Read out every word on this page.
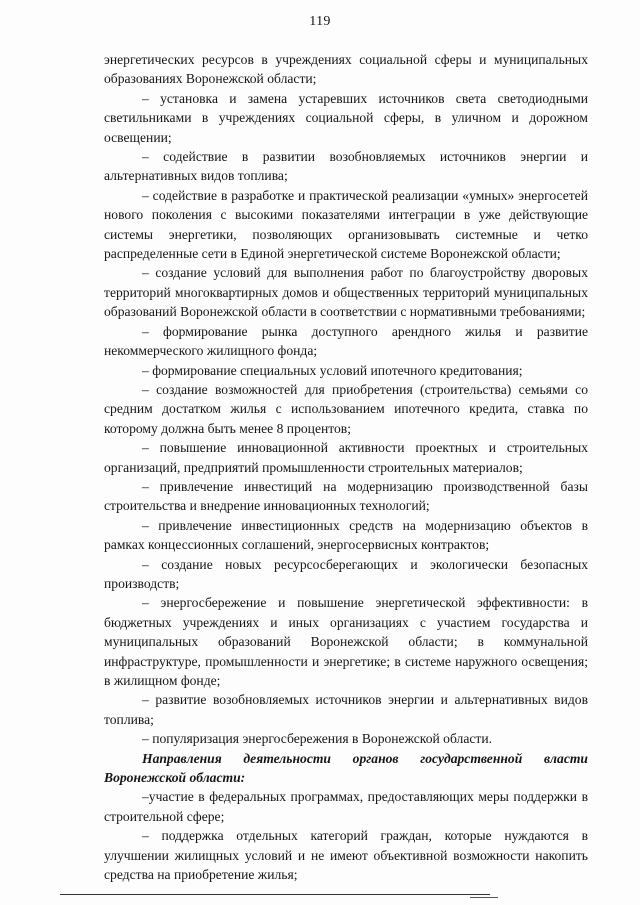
119

энергетических ресурсов в учреждениях социальной сферы и муниципальных образованиях Воронежской области;

– установка и замена устаревших источников света светодиодными светильниками в учреждениях социальной сферы, в уличном и дорожном освещении;

– содействие в развитии возобновляемых источников энергии и альтернативных видов топлива;

– содействие в разработке и практической реализации «умных» энергосетей нового поколения с высокими показателями интеграции в уже действующие системы энергетики, позволяющих организовывать системные и четко распределенные сети в Единой энергетической системе Воронежской области;

– создание условий для выполнения работ по благоустройству дворовых территорий многоквартирных домов и общественных территорий муниципальных образований Воронежской области в соответствии с нормативными требованиями;

– формирование рынка доступного арендного жилья и развитие некоммерческого жилищного фонда;

– формирование специальных условий ипотечного кредитования;

– создание возможностей для приобретения (строительства) семьями со средним достатком жилья с использованием ипотечного кредита, ставка по которому должна быть менее 8 процентов;

– повышение инновационной активности проектных и строительных организаций, предприятий промышленности строительных материалов;

– привлечение инвестиций на модернизацию производственной базы строительства и внедрение инновационных технологий;

– привлечение инвестиционных средств на модернизацию объектов в рамках концессионных соглашений, энергосервисных контрактов;

– создание новых ресурсосберегающих и экологически безопасных производств;

– энергосбережение и повышение энергетической эффективности: в бюджетных учреждениях и иных организациях с участием государства и муниципальных образований Воронежской области; в коммунальной инфраструктуре, промышленности и энергетике; в системе наружного освещения; в жилищном фонде;

– развитие возобновляемых источников энергии и альтернативных видов топлива;

– популяризация энергосбережения в Воронежской области.

Направления деятельности органов государственной власти Воронежской области:

–участие в федеральных программах, предоставляющих меры поддержки в строительной сфере;

– поддержка отдельных категорий граждан, которые нуждаются в улучшении жилищных условий и не имеют объективной возможности накопить средства на приобретение жилья;
